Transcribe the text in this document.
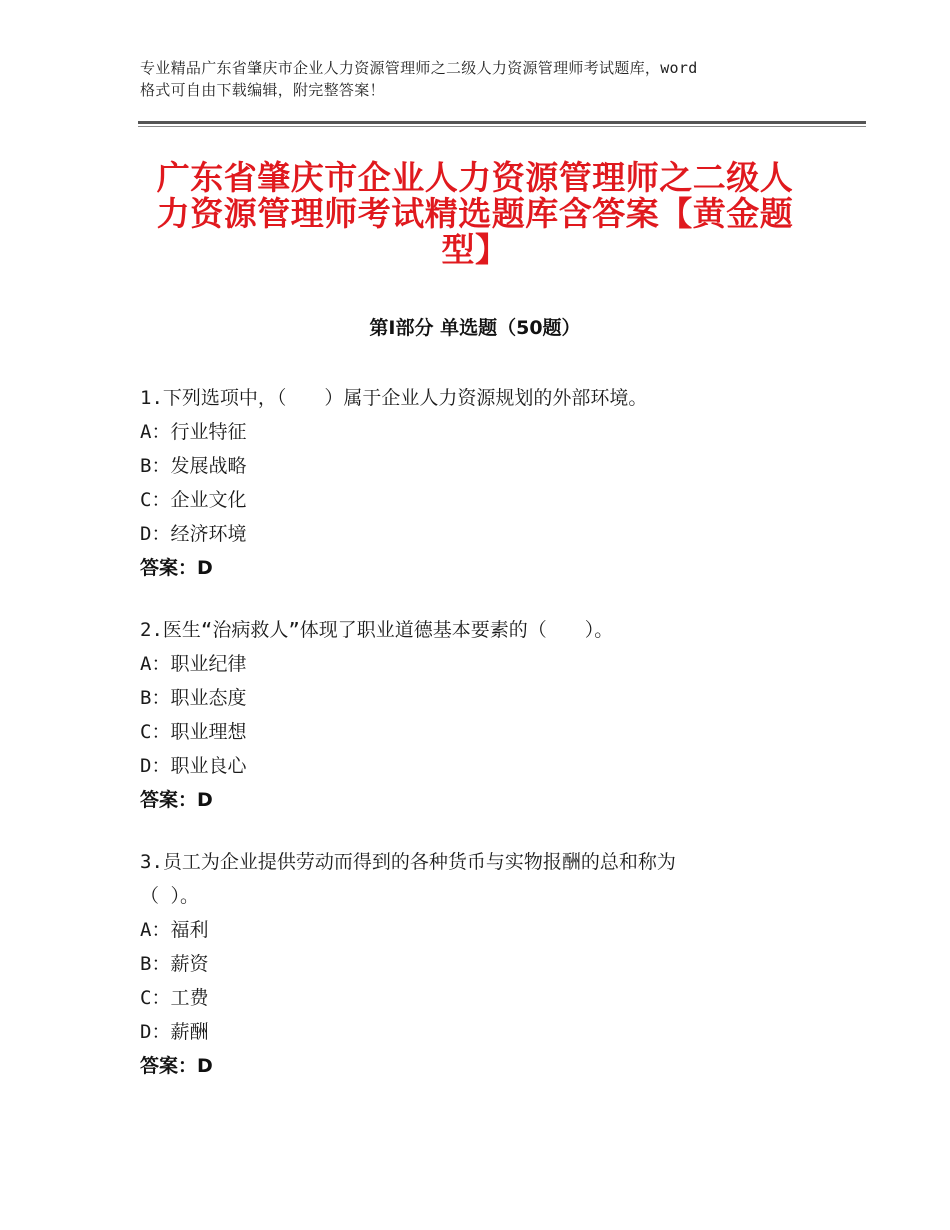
专业精品广东省肇庆市企业人力资源管理师之二级人力资源管理师考试题库，word
格式可自由下载编辑，附完整答案！
广东省肇庆市企业人力资源管理师之二级人
力资源管理师考试精选题库含答案【黄金题
型】
第Ⅰ部分 单选题（50题）

1.下列选项中，（　　）属于企业人力资源规划的外部环境。

A：行业特征

B：发展战略

C：企业文化

D：经济环境

答案：D

2.医生“治病救人”体现了职业道德基本要素的（　　）。

A：职业纪律

B：职业态度

C：职业理想

D：职业良心

答案：D

3.员工为企业提供劳动而得到的各种货币与实物报酬的总和称为

（ ）。

A：福利

B：薪资

C：工费

D：薪酬

答案：D
